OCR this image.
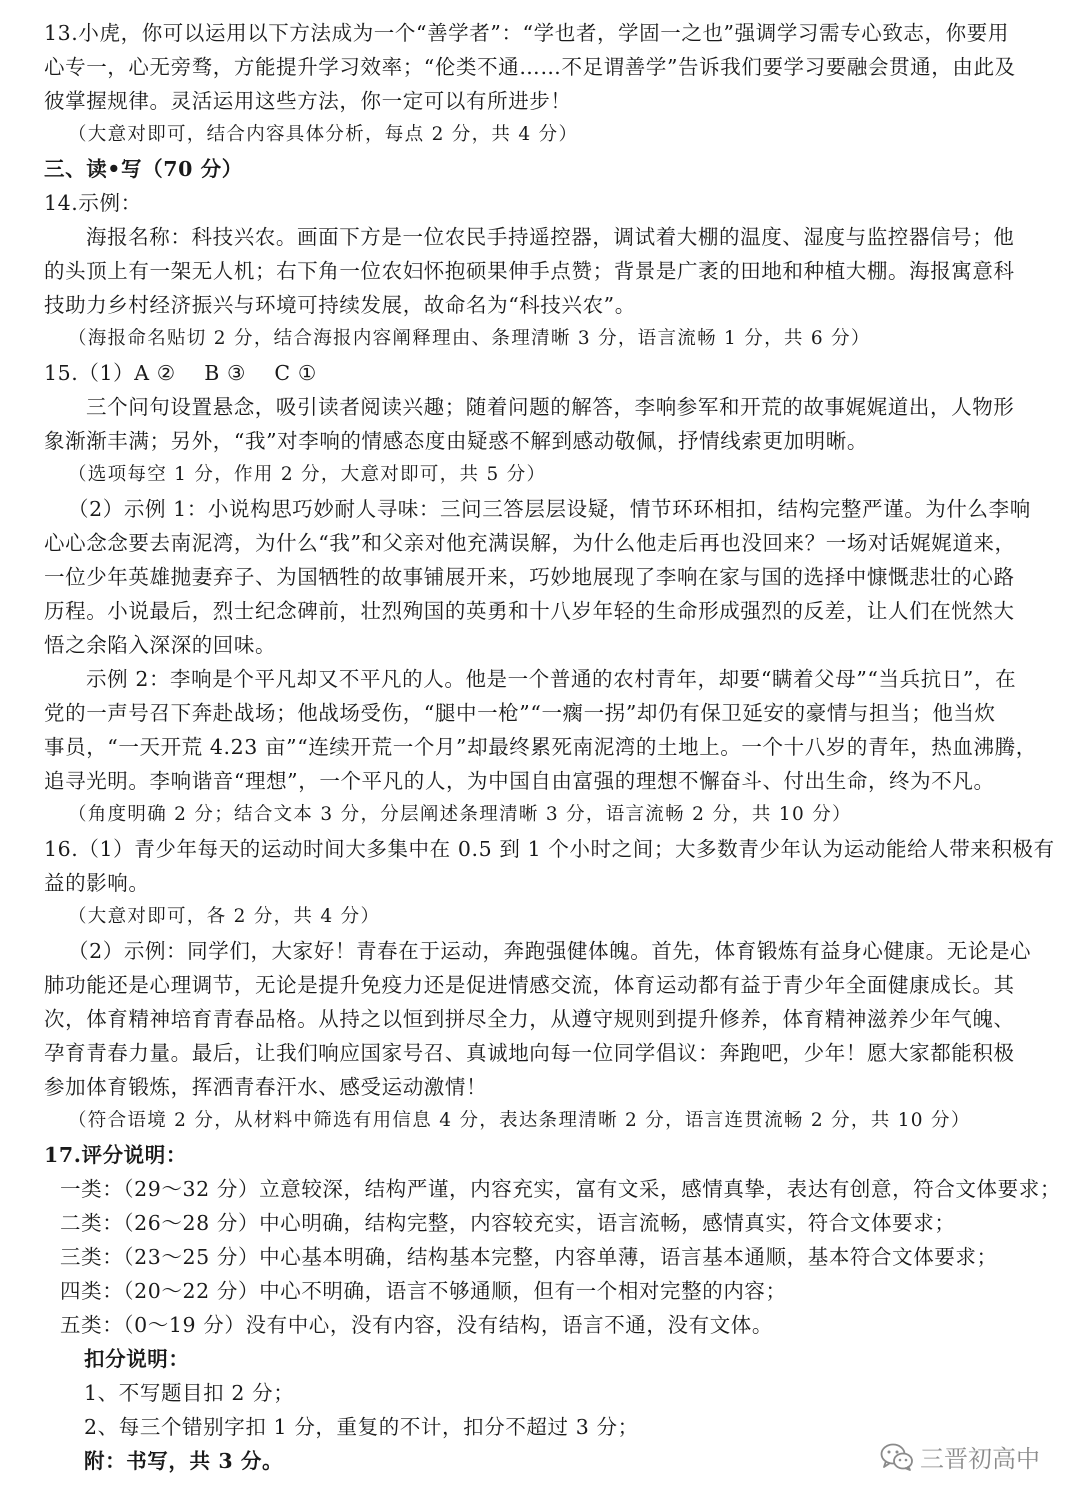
13.小虎，你可以运用以下方法成为一个“善学者”：“学也者，学固一之也”强调学习需专心致志，你要用
心专一，心无旁骛，方能提升学习效率；“伦类不通……不足谓善学”告诉我们要学习要融会贯通，由此及
彼掌握规律。灵活运用这些方法，你一定可以有所进步！
（大意对即可，结合内容具体分析，每点 2 分，共 4 分）
三、读•写（70 分）
14.示例：
海报名称：科技兴农。画面下方是一位农民手持遥控器，调试着大棚的温度、湿度与监控器信号；他
的头顶上有一架无人机；右下角一位农妇怀抱硕果伸手点赞；背景是广袤的田地和种植大棚。海报寓意科
技助力乡村经济振兴与环境可持续发展，故命名为“科技兴农”。
（海报命名贴切 2 分，结合海报内容阐释理由、条理清晰 3 分，语言流畅 1 分，共 6 分）
15.（1）A ②    B ③    C ①
三个问句设置悬念，吸引读者阅读兴趣；随着问题的解答，李响参军和开荒的故事娓娓道出，人物形
象渐渐丰满；另外，“我”对李响的情感态度由疑惑不解到感动敬佩，抒情线索更加明晰。
（选项每空 1 分，作用 2 分，大意对即可，共 5 分）
（2）示例 1：小说构思巧妙耐人寻味：三问三答层层设疑，情节环环相扣，结构完整严谨。为什么李响
心心念念要去南泥湾，为什么“我”和父亲对他充满误解，为什么他走后再也没回来？一场对话娓娓道来，
一位少年英雄抛妻弃子、为国牺牲的故事铺展开来，巧妙地展现了李响在家与国的选择中慷慨悲壮的心路
历程。小说最后，烈士纪念碑前，壮烈殉国的英勇和十八岁年轻的生命形成强烈的反差，让人们在恍然大
悟之余陷入深深的回味。
示例 2：李响是个平凡却又不平凡的人。他是一个普通的农村青年，却要“瞒着父母”“当兵抗日”，在
党的一声号召下奔赴战场；他战场受伤，“腿中一枪”“一瘸一拐”却仍有保卫延安的豪情与担当；他当炊
事员，“一天开荒 4.23 亩”“连续开荒一个月”却最终累死南泥湾的土地上。一个十八岁的青年，热血沸腾，
追寻光明。李响谐音“理想”，一个平凡的人，为中国自由富强的理想不懈奋斗、付出生命，终为不凡。
（角度明确 2 分；结合文本 3 分，分层阐述条理清晰 3 分，语言流畅 2 分，共 10 分）
16.（1）青少年每天的运动时间大多集中在 0.5 到 1 个小时之间；大多数青少年认为运动能给人带来积极有
益的影响。
（大意对即可，各 2 分，共 4 分）
（2）示例：同学们，大家好！青春在于运动，奔跑强健体魄。首先，体育锻炼有益身心健康。无论是心
肺功能还是心理调节，无论是提升免疫力还是促进情感交流，体育运动都有益于青少年全面健康成长。其
次，体育精神培育青春品格。从持之以恒到拼尽全力，从遵守规则到提升修养，体育精神滋养少年气魄、
孕育青春力量。最后，让我们响应国家号召、真诚地向每一位同学倡议：奔跑吧，少年！愿大家都能积极
参加体育锻炼，挥洒青春汗水、感受运动激情！
（符合语境 2 分，从材料中筛选有用信息 4 分，表达条理清晰 2 分，语言连贯流畅 2 分，共 10 分）
17.评分说明：
一类：（29～32 分）立意较深，结构严谨，内容充实，富有文采，感情真挚，表达有创意，符合文体要求；
二类：（26～28 分）中心明确，结构完整，内容较充实，语言流畅，感情真实，符合文体要求；
三类：（23～25 分）中心基本明确，结构基本完整，内容单薄，语言基本通顺，基本符合文体要求；
四类：（20～22 分）中心不明确，语言不够通顺，但有一个相对完整的内容；
五类：（0～19 分）没有中心，没有内容，没有结构，语言不通，没有文体。
扣分说明：
1、不写题目扣 2 分；
2、每三个错别字扣 1 分，重复的不计，扣分不超过 3 分；
附：书写，共 3 分。	三晋初高中
